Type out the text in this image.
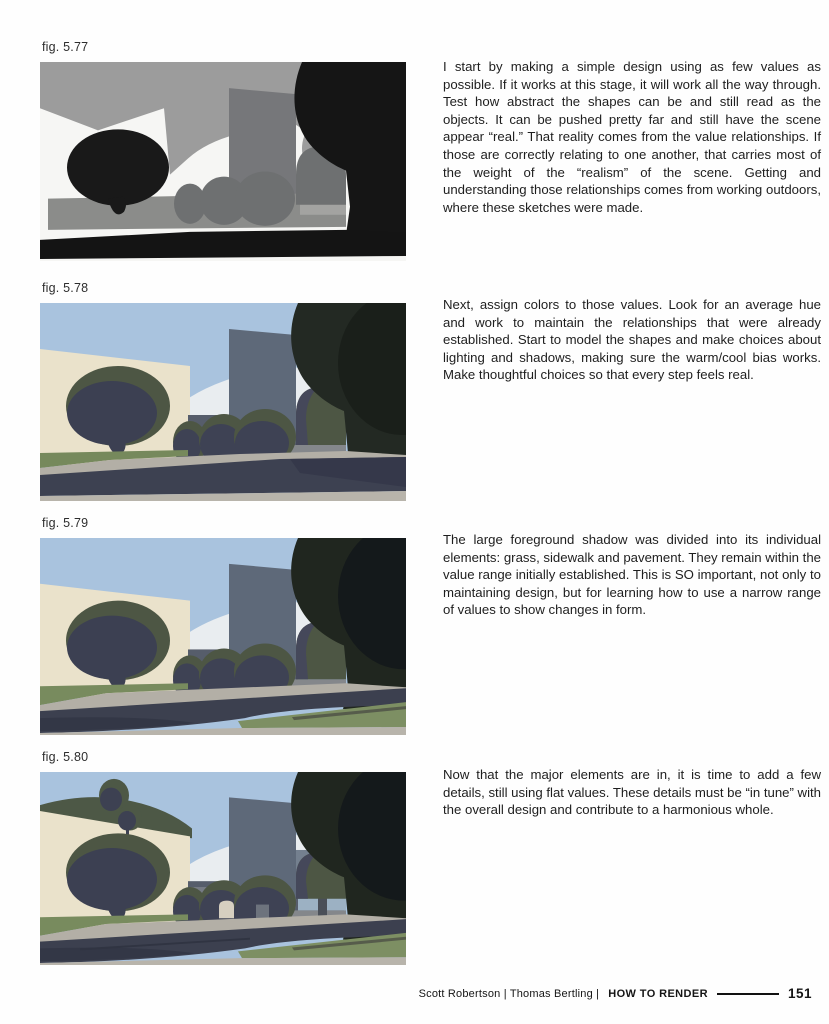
fig. 5.77
fig. 5.78
fig. 5.79
fig. 5.80

I start by making a simple design using as few values as possible. If it works at this stage, it will work all the way through. Test how abstract the shapes can be and still read as the objects. It can be pushed pretty far and still have the scene appear “real.” That reality comes from the value relationships. If those are correctly relating to one another, that carries most of the weight of the “realism” of the scene. Getting and understanding those relationships comes from working outdoors, where these sketches were made.

Next, assign colors to those values. Look for an average hue and work to maintain the relationships that were already established. Start to model the shapes and make choices about lighting and shadows, making sure the warm/cool bias works. Make thoughtful choices so that every step feels real.

The large foreground shadow was divided into its individual elements: grass, sidewalk and pavement. They remain within the value range initially established. This is SO important, not only to maintaining design, but for learning how to use a narrow range of values to show changes in form.

Now that the major elements are in, it is time to add a few details, still using flat values. These details must be “in tune” with the overall design and contribute to a harmonious whole.

Scott Robertson | Thomas Bertling | HOW TO RENDER	151
